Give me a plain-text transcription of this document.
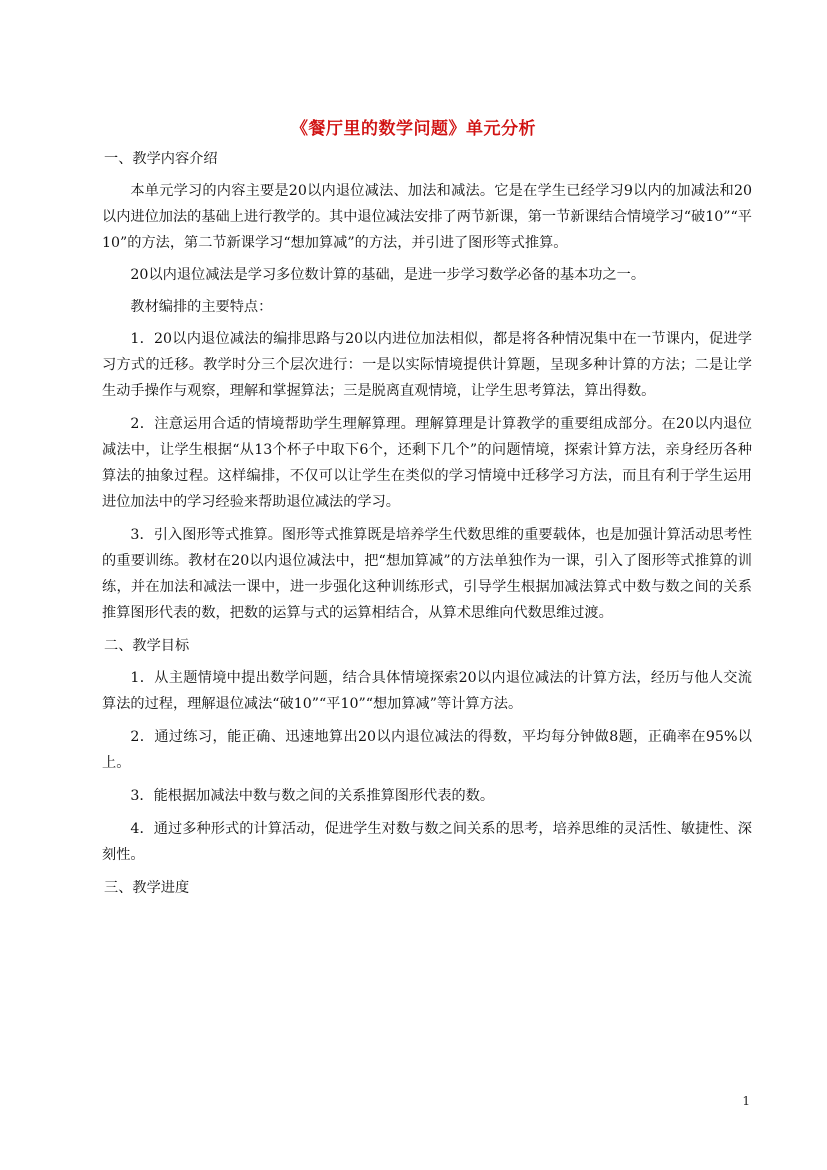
《餐厅里的数学问题》单元分析
一、教学内容介绍

本单元学习的内容主要是20以内退位减法、加法和减法。它是在学生已经学习9以内的加减法和20以内进位加法的基础上进行教学的。其中退位减法安排了两节新课，第一节新课结合情境学习“破10”“平10”的方法，第二节新课学习“想加算减”的方法，并引进了图形等式推算。

20以内退位减法是学习多位数计算的基础，是进一步学习数学必备的基本功之一。

教材编排的主要特点：

1．20以内退位减法的编排思路与20以内进位加法相似，都是将各种情况集中在一节课内，促进学习方式的迁移。教学时分三个层次进行：一是以实际情境提供计算题，呈现多种计算的方法；二是让学生动手操作与观察，理解和掌握算法；三是脱离直观情境，让学生思考算法，算出得数。

2．注意运用合适的情境帮助学生理解算理。理解算理是计算教学的重要组成部分。在20以内退位减法中，让学生根据“从13个杯子中取下6个，还剩下几个”的问题情境，探索计算方法，亲身经历各种算法的抽象过程。这样编排，不仅可以让学生在类似的学习情境中迁移学习方法，而且有利于学生运用进位加法中的学习经验来帮助退位减法的学习。

3．引入图形等式推算。图形等式推算既是培养学生代数思维的重要载体，也是加强计算活动思考性的重要训练。教材在20以内退位减法中，把“想加算减”的方法单独作为一课，引入了图形等式推算的训练，并在加法和减法一课中，进一步强化这种训练形式，引导学生根据加减法算式中数与数之间的关系推算图形代表的数，把数的运算与式的运算相结合，从算术思维向代数思维过渡。

二、教学目标

1．从主题情境中提出数学问题，结合具体情境探索20以内退位减法的计算方法，经历与他人交流算法的过程，理解退位减法“破10”“平10”“想加算减”等计算方法。

2．通过练习，能正确、迅速地算出20以内退位减法的得数，平均每分钟做8题，正确率在95%以上。

3．能根据加减法中数与数之间的关系推算图形代表的数。

4．通过多种形式的计算活动，促进学生对数与数之间关系的思考，培养思维的灵活性、敏捷性、深刻性。

三、教学进度
1
